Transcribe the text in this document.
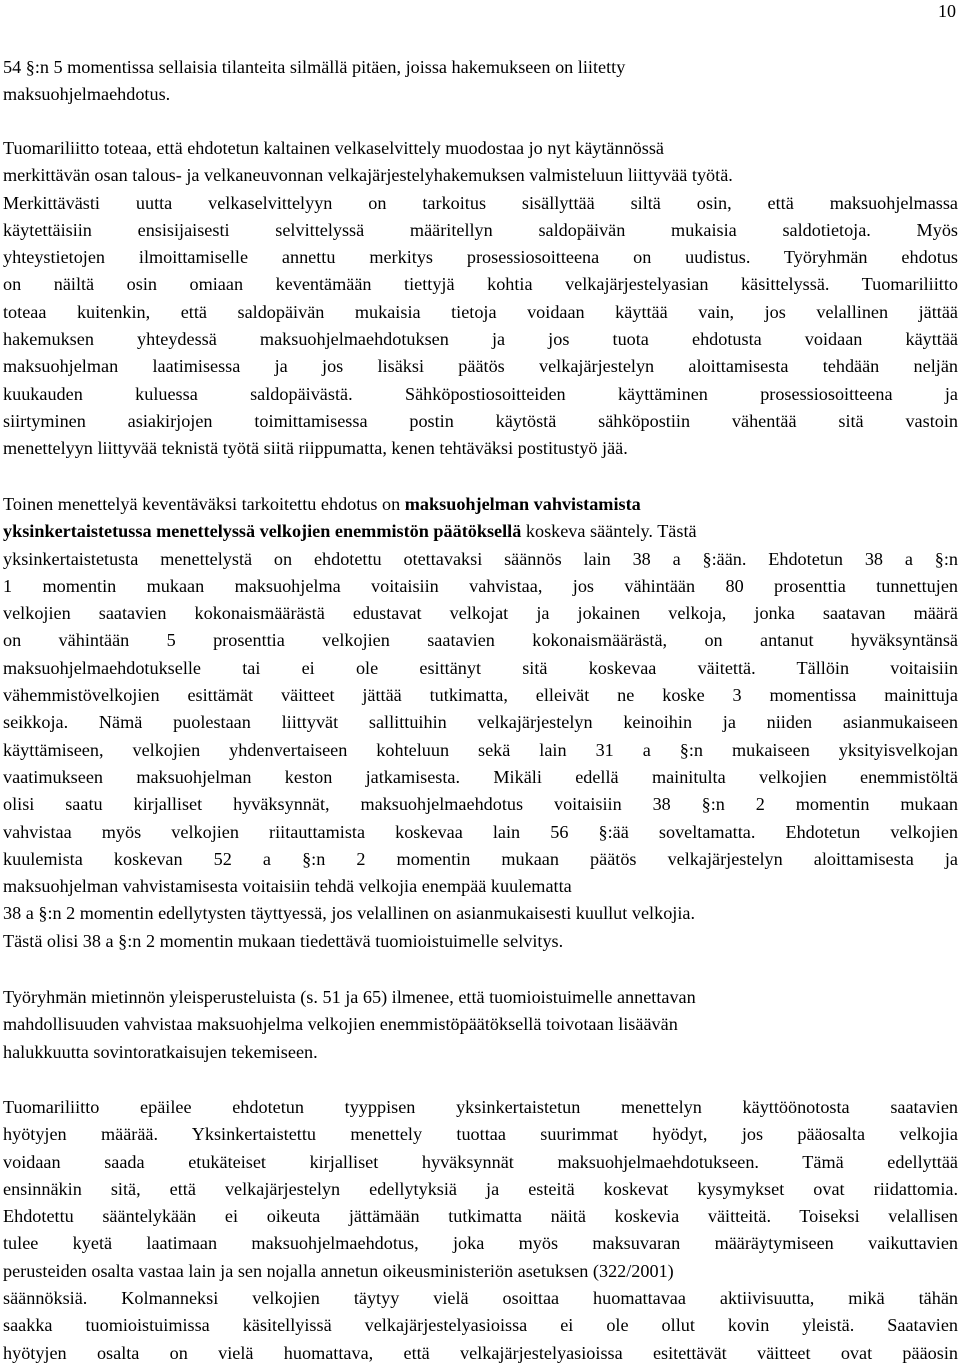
10
54 §:n 5 momentissa sellaisia tilanteita silmällä pitäen, joissa hakemukseen on liitetty
maksuohjelmaehdotus.
Tuomariliitto toteaa, että ehdotetun kaltainen velkaselvittely muodostaa jo nyt käytännössä
merkittävän osan talous- ja velkaneuvonnan velkajärjestelyhakemuksen valmisteluun liittyvää työtä.
Merkittävästi uutta velkaselvittelyyn on tarkoitus sisällyttää siltä osin, että maksuohjelmassa
käytettäisiin ensisijaisesti selvittelyssä määritellyn saldopäivän mukaisia saldotietoja. Myös
yhteystietojen ilmoittamiselle annettu merkitys prosessiosoitteena on uudistus. Työryhmän ehdotus
on näiltä osin omiaan keventämään tiettyjä kohtia velkajärjestelyasian käsittelyssä. Tuomariliitto
toteaa kuitenkin, että saldopäivän mukaisia tietoja voidaan käyttää vain, jos velallinen jättää
hakemuksen yhteydessä maksuohjelmaehdotuksen ja jos tuota ehdotusta voidaan käyttää
maksuohjelman laatimisessa ja jos lisäksi päätös velkajärjestelyn aloittamisesta tehdään neljän
kuukauden kuluessa saldopäivästä. Sähköpostiosoitteiden käyttäminen prosessiosoitteena ja
siirtyminen asiakirjojen toimittamisessa postin käytöstä sähköpostiin vähentää sitä vastoin
menettelyyn liittyvää teknistä työtä siitä riippumatta, kenen tehtäväksi postitustyö jää.
Toinen menettelyä keventäväksi tarkoitettu ehdotus on maksuohjelman vahvistamista
yksinkertaistetussa menettelyssä velkojien enemmistön päätöksellä koskeva sääntely. Tästä
yksinkertaistetusta menettelystä on ehdotettu otettavaksi säännös lain 38 a §:ään. Ehdotetun 38 a §:n
1 momentin mukaan maksuohjelma voitaisiin vahvistaa, jos vähintään 80 prosenttia tunnettujen
velkojien saatavien kokonaismäärästä edustavat velkojat ja jokainen velkoja, jonka saatavan määrä
on vähintään 5 prosenttia velkojien saatavien kokonaismäärästä, on antanut hyväksyntänsä
maksuohjelmaehdotukselle tai ei ole esittänyt sitä koskevaa väitettä. Tällöin voitaisiin
vähemmistövelkojien esittämät väitteet jättää tutkimatta, elleivät ne koske 3 momentissa mainittuja
seikkoja. Nämä puolestaan liittyvät sallittuihin velkajärjestelyn keinoihin ja niiden asianmukaiseen
käyttämiseen, velkojien yhdenvertaiseen kohteluun sekä lain 31 a §:n mukaiseen yksityisvelkojan
vaatimukseen maksuohjelman keston jatkamisesta. Mikäli edellä mainitulta velkojien enemmistöltä
olisi saatu kirjalliset hyväksynnät, maksuohjelmaehdotus voitaisiin 38 §:n 2 momentin mukaan
vahvistaa myös velkojien riitauttamista koskevaa lain 56 §:ää soveltamatta. Ehdotetun velkojien
kuulemista koskevan 52 a §:n 2 momentin mukaan päätös velkajärjestelyn aloittamisesta ja
maksuohjelman vahvistamisesta voitaisiin tehdä velkojia enempää kuulematta
38 a §:n 2 momentin edellytysten täyttyessä, jos velallinen on asianmukaisesti kuullut velkojia.
Tästä olisi 38 a §:n 2 momentin mukaan tiedettävä tuomioistuimelle selvitys.
Työryhmän mietinnön yleisperusteluista (s. 51 ja 65) ilmenee, että tuomioistuimelle annettavan
mahdollisuuden vahvistaa maksuohjelma velkojien enemmistöpäätöksellä toivotaan lisäävän
halukkuutta sovintoratkaisujen tekemiseen.
Tuomariliitto epäilee ehdotetun tyyppisen yksinkertaistetun menettelyn käyttöönotosta saatavien
hyötyjen määrää. Yksinkertaistettu menettely tuottaa suurimmat hyödyt, jos pääosalta velkojia
voidaan saada etukäteiset kirjalliset hyväksynnät maksuohjelmaehdotukseen. Tämä edellyttää
ensinnäkin sitä, että velkajärjestelyn edellytyksiä ja esteitä koskevat kysymykset ovat riidattomia.
Ehdotettu sääntelykään ei oikeuta jättämään tutkimatta näitä koskevia väitteitä. Toiseksi velallisen
tulee kyetä laatimaan maksuohjelmaehdotus, joka myös maksuvaran määräytymiseen vaikuttavien
perusteiden osalta vastaa lain ja sen nojalla annetun oikeusministeriön asetuksen (322/2001)
säännöksiä. Kolmanneksi velkojien täytyy vielä osoittaa huomattavaa aktiivisuutta, mikä tähän
saakka tuomioistuimissa käsitellyissä velkajärjestelyasioissa ei ole ollut kovin yleistä. Saatavien
hyötyjen osalta on vielä huomattava, että velkajärjestelyasioissa esitettävät väitteet ovat pääosin
